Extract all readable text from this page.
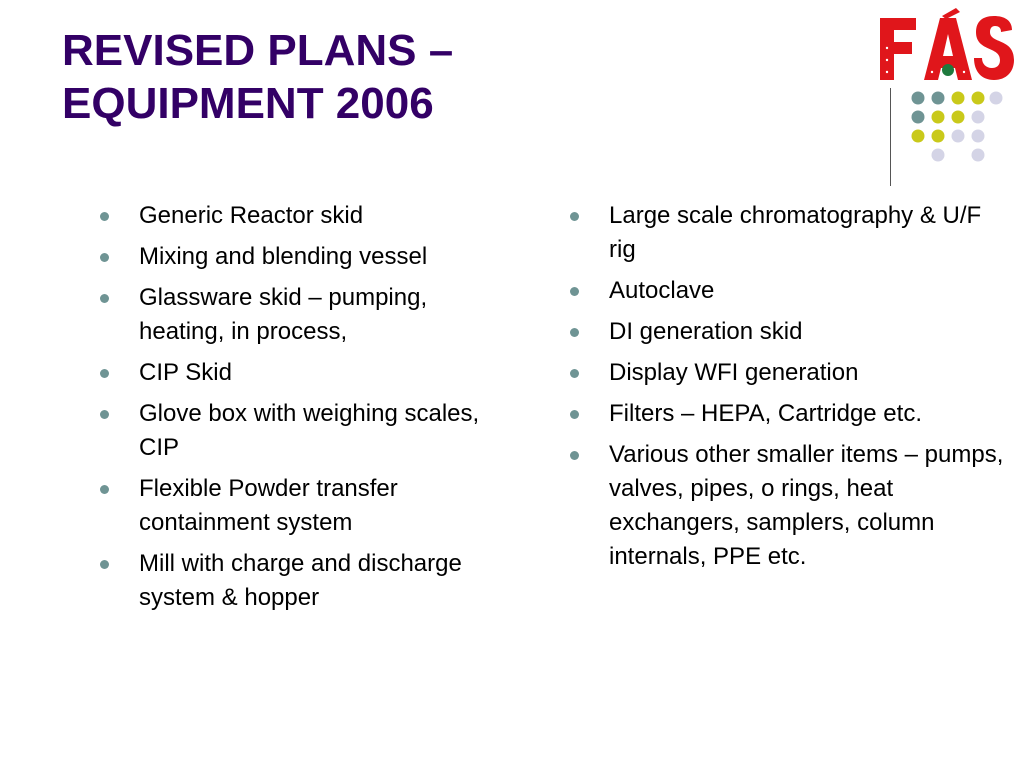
REVISED PLANS –
EQUIPMENT 2006
Generic Reactor skid
Mixing and blending vessel
Glassware skid – pumping, heating, in process,
CIP Skid
Glove box with weighing scales, CIP
Flexible Powder transfer containment system
Mill with charge and discharge system & hopper
Large scale chromatography & U/F rig
Autoclave
DI generation skid
Display WFI generation
Filters – HEPA, Cartridge etc.
Various other smaller items – pumps, valves, pipes, o rings, heat exchangers, samplers, column internals, PPE etc.
